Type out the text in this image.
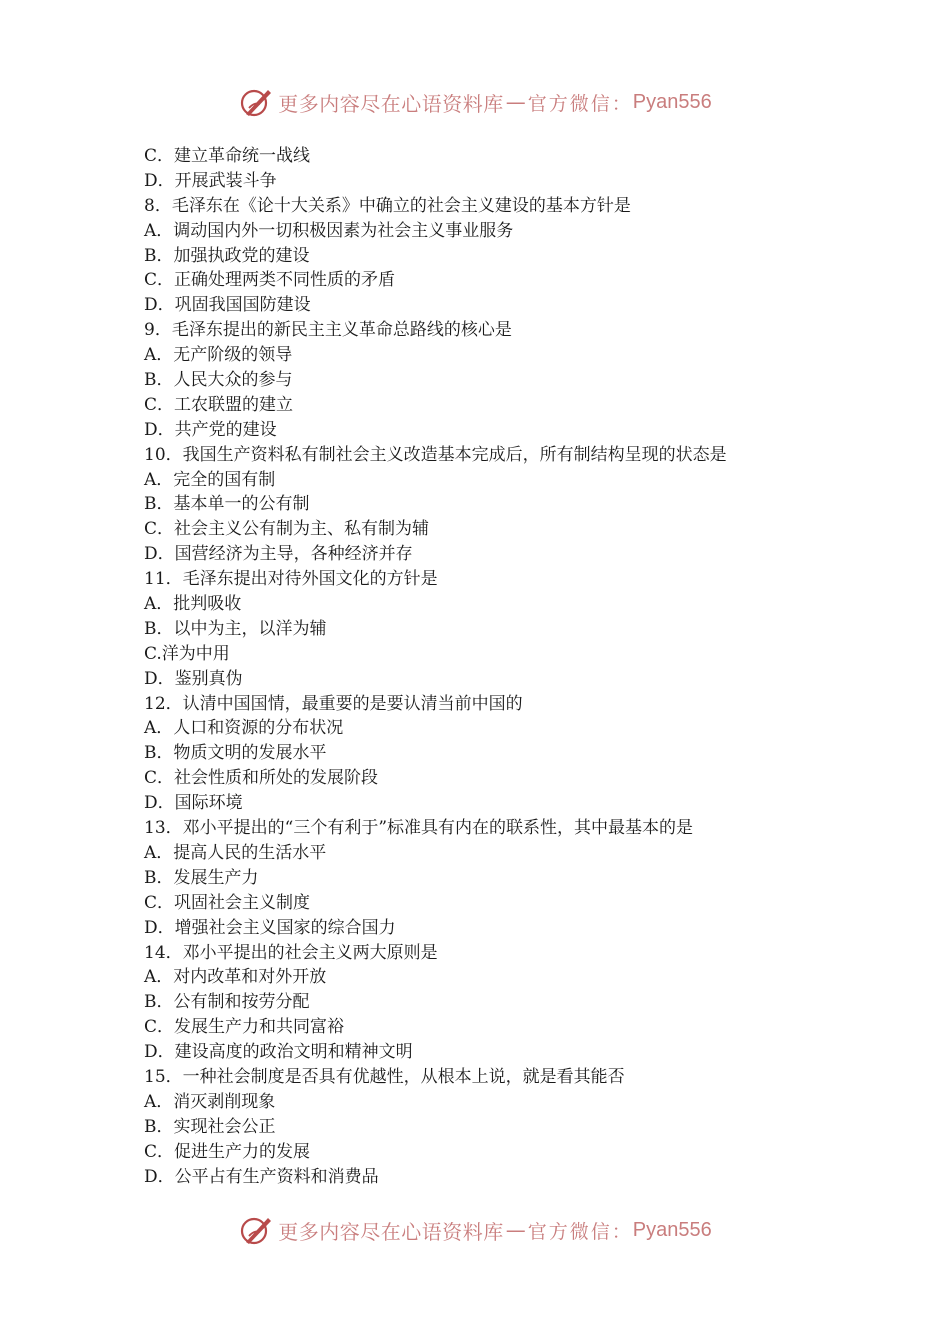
更多内容尽在心语资料库 — 官方微信： Pyan556
C．建立革命统一战线
D．开展武装斗争
8．毛泽东在《论十大关系》中确立的社会主义建设的基本方针是
A．调动国内外一切积极因素为社会主义事业服务
B．加强执政党的建设
C．正确处理两类不同性质的矛盾
D．巩固我国国防建设
9．毛泽东提出的新民主主义革命总路线的核心是
A．无产阶级的领导
B．人民大众的参与
C．工农联盟的建立
D．共产党的建设
10．我国生产资料私有制社会主义改造基本完成后，所有制结构呈现的状态是
A．完全的国有制
B．基本单一的公有制
C．社会主义公有制为主、私有制为辅
D．国营经济为主导，各种经济并存
11．毛泽东提出对待外国文化的方针是
A．批判吸收
B．以中为主，以洋为辅
C.洋为中用
D．鉴别真伪
12．认清中国国情，最重要的是要认清当前中国的
A．人口和资源的分布状况
B．物质文明的发展水平
C．社会性质和所处的发展阶段
D．国际环境
13．邓小平提出的“三个有利于”标准具有内在的联系性，其中最基本的是
A．提高人民的生活水平
B．发展生产力
C．巩固社会主义制度
D．增强社会主义国家的综合国力
14．邓小平提出的社会主义两大原则是
A．对内改革和对外开放
B．公有制和按劳分配
C．发展生产力和共同富裕
D．建设高度的政治文明和精神文明
15．一种社会制度是否具有优越性，从根本上说，就是看其能否
A．消灭剥削现象
B．实现社会公正
C．促进生产力的发展
D．公平占有生产资料和消费品
更多内容尽在心语资料库 — 官方微信： Pyan556
